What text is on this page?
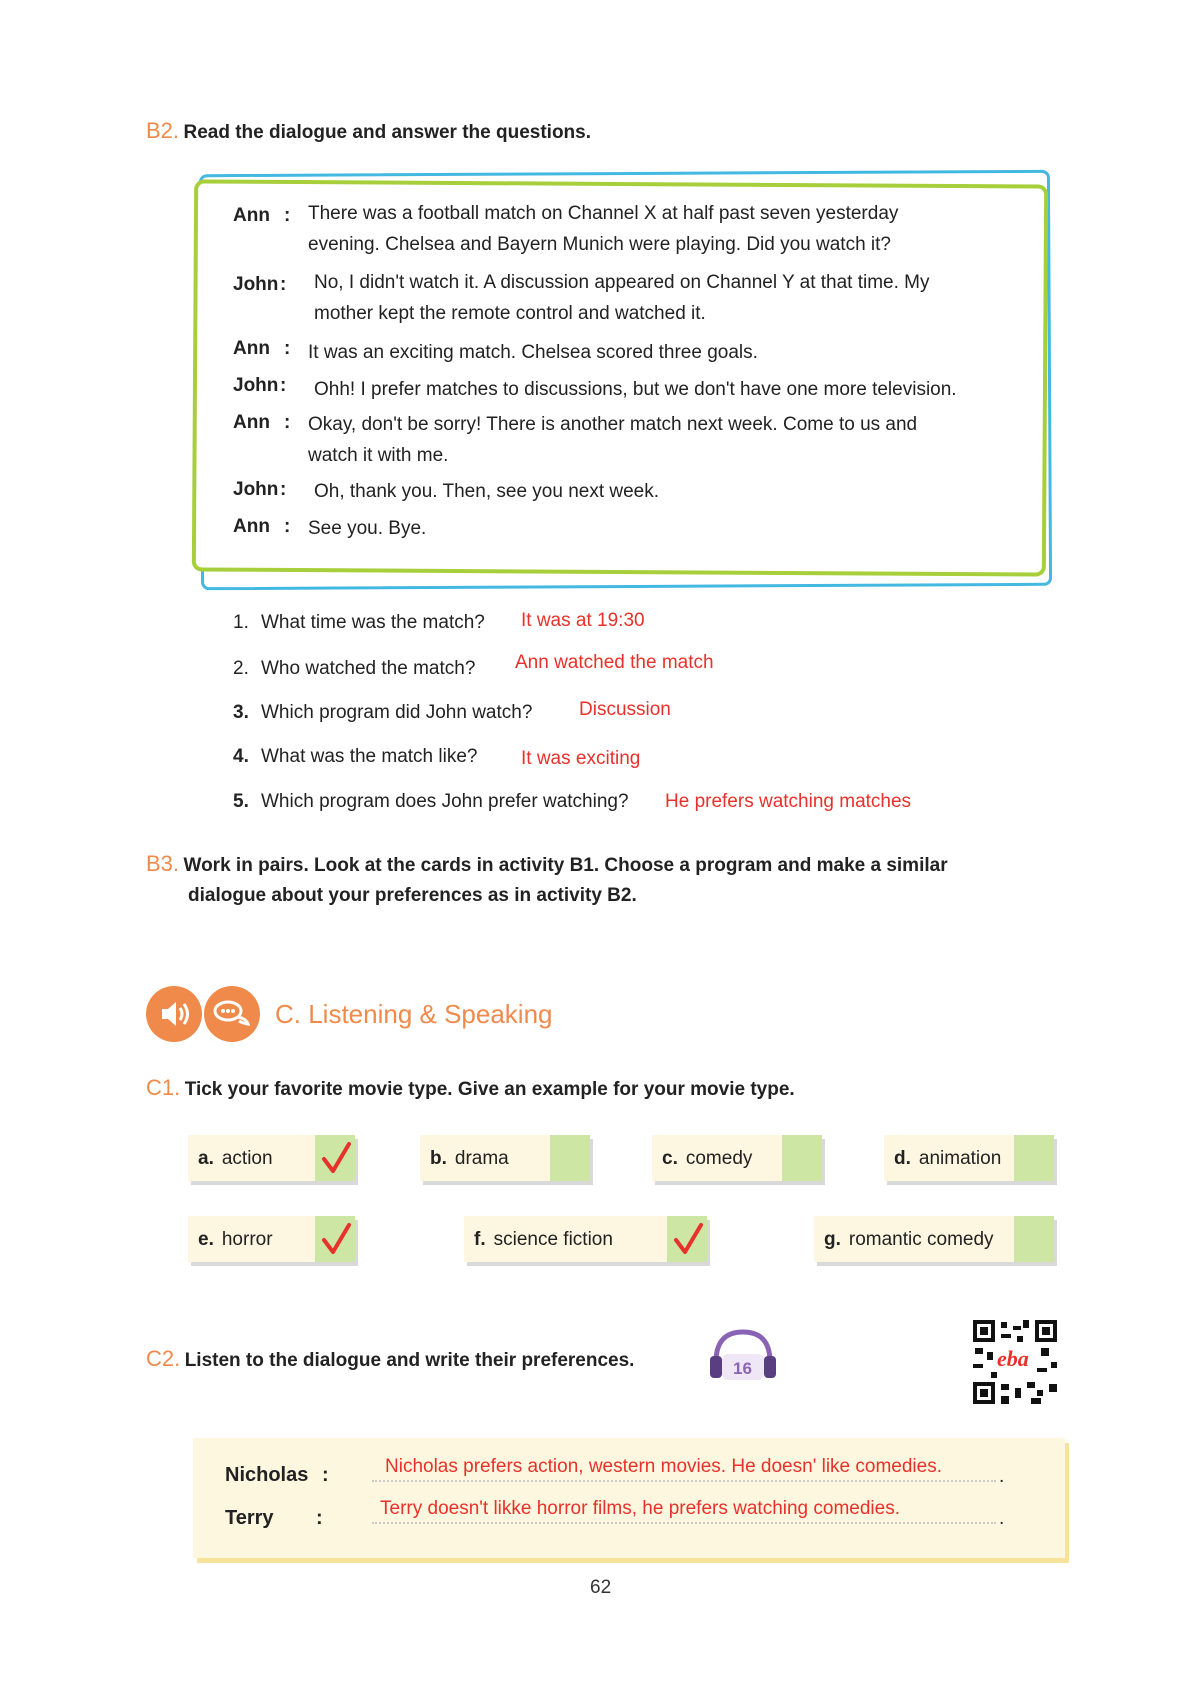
B2. Read the dialogue and answer the questions.
Ann : There was a football match on Channel X at half past seven yesterday
evening. Chelsea and Bayern Munich were playing. Did you watch it?
John : No, I didn't watch it. A discussion appeared on Channel Y at that time. My
mother kept the remote control and watched it.
Ann : It was an exciting match. Chelsea scored three goals.
John : Ohh! I prefer matches to discussions, but we don't have one more television.
Ann : Okay, don't be sorry! There is another match next week. Come to us and
watch it with me.
John : Oh, thank you. Then, see you next week.
Ann : See you. Bye.
1. What time was the match? It was at 19:30
2. Who watched the match? Ann watched the match
3. Which program did John watch? Discussion
4. What was the match like? It was exciting
5. Which program does John prefer watching? He prefers watching matches
B3. Work in pairs. Look at the cards in activity B1. Choose a program and make a similar
dialogue about your preferences as in activity B2.
C. Listening & Speaking
C1. Tick your favorite movie type. Give an example for your movie type.
a. action	b. drama	c. comedy	d. animation
e. horror	f. science fiction	g. romantic comedy
C2. Listen to the dialogue and write their preferences.	16	eba
Nicholas :	Nicholas prefers action, western movies. He doesn' like comedies.	.
Terry :	Terry doesn't likke horror films, he prefers watching comedies.	.
62
